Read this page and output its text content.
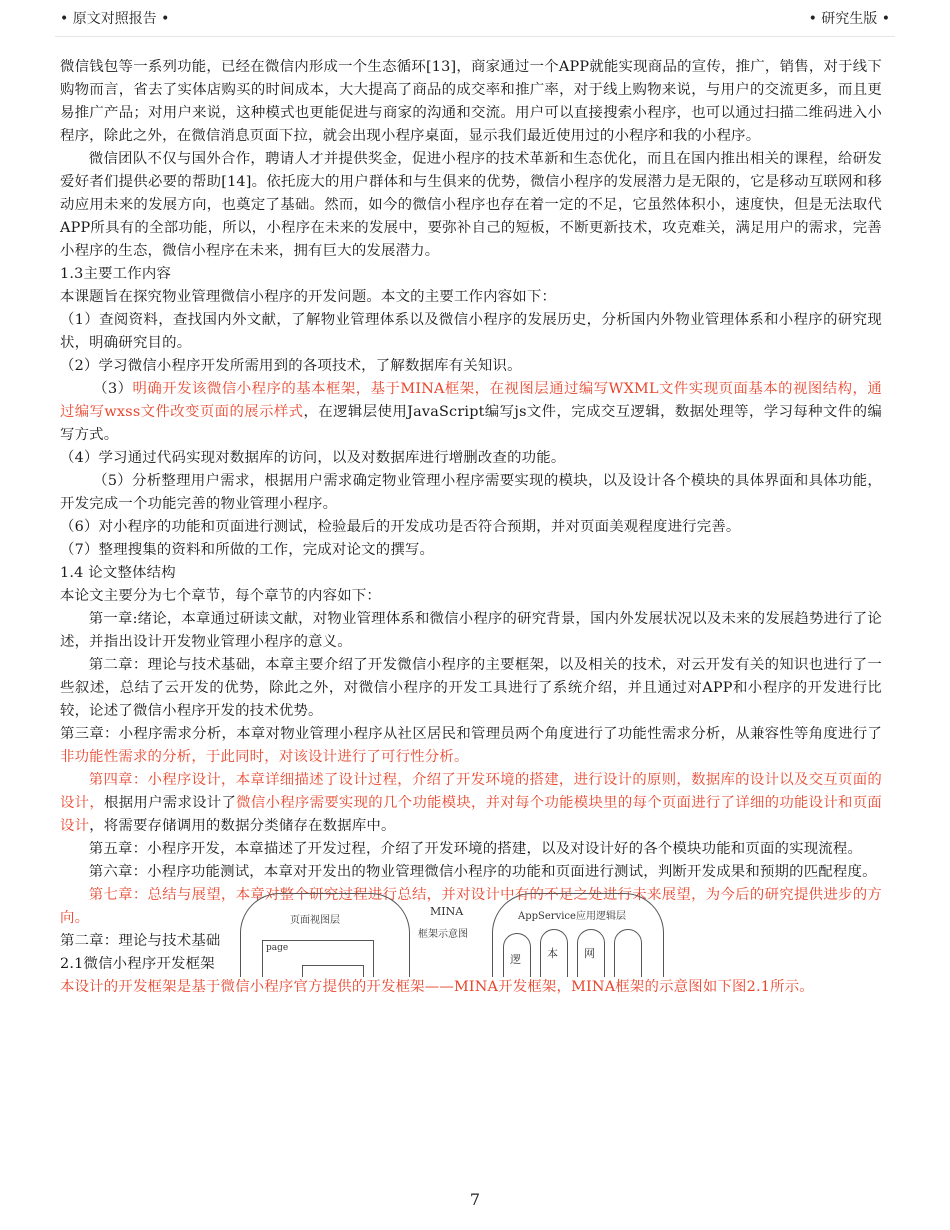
• 原文对照报告 •	• 研究生版 •

微信钱包等一系列功能，已经在微信内形成一个生态循环[13]，商家通过一个APP就能实现商品的宣传，推广，销售，对于线下购物而言，省去了实体店购买的时间成本，大大提高了商品的成交率和推广率，对于线上购物来说，与用户的交流更多，而且更易推广产品；对用户来说，这种模式也更能促进与商家的沟通和交流。用户可以直接搜索小程序，也可以通过扫描二维码进入小程序，除此之外，在微信消息页面下拉，就会出现小程序桌面，显示我们最近使用过的小程序和我的小程序。

微信团队不仅与国外合作，聘请人才并提供奖金，促进小程序的技术革新和生态优化，而且在国内推出相关的课程，给研发爱好者们提供必要的帮助[14]。依托庞大的用户群体和与生俱来的优势，微信小程序的发展潜力是无限的，它是移动互联网和移动应用未来的发展方向，也奠定了基础。然而，如今的微信小程序也存在着一定的不足，它虽然体积小，速度快，但是无法取代APP所具有的全部功能，所以，小程序在未来的发展中，要弥补自己的短板，不断更新技术，攻克难关，满足用户的需求，完善小程序的生态，微信小程序在未来，拥有巨大的发展潜力。

1.3主要工作内容

本课题旨在探究物业管理微信小程序的开发问题。本文的主要工作内容如下：

（1）查阅资料，查找国内外文献，了解物业管理体系以及微信小程序的发展历史，分析国内外物业管理体系和小程序的研究现状，明确研究目的。

（2）学习微信小程序开发所需用到的各项技术，了解数据库有关知识。

（3）明确开发该微信小程序的基本框架，基于MINA框架，在视图层通过编写WXML文件实现页面基本的视图结构，通过编写wxss文件改变页面的展示样式，在逻辑层使用JavaScript编写js文件，完成交互逻辑，数据处理等，学习每种文件的编写方式。

（4）学习通过代码实现对数据库的访问，以及对数据库进行增删改查的功能。

（5）分析整理用户需求，根据用户需求确定物业管理小程序需要实现的模块，以及设计各个模块的具体界面和具体功能，开发完成一个功能完善的物业管理小程序。

（6）对小程序的功能和页面进行测试，检验最后的开发成功是否符合预期，并对页面美观程度进行完善。

（7）整理搜集的资料和所做的工作，完成对论文的撰写。

1.4 论文整体结构

本论文主要分为七个章节，每个章节的内容如下：

第一章:绪论，本章通过研读文献，对物业管理体系和微信小程序的研究背景，国内外发展状况以及未来的发展趋势进行了论述，并指出设计开发物业管理小程序的意义。

第二章：理论与技术基础，本章主要介绍了开发微信小程序的主要框架，以及相关的技术，对云开发有关的知识也进行了一些叙述，总结了云开发的优势，除此之外，对微信小程序的开发工具进行了系统介绍，并且通过对APP和小程序的开发进行比较，论述了微信小程序开发的技术优势。

第三章：小程序需求分析，本章对物业管理小程序从社区居民和管理员两个角度进行了功能性需求分析，从兼容性等角度进行了非功能性需求的分析，于此同时，对该设计进行了可行性分析。

第四章：小程序设计，本章详细描述了设计过程，介绍了开发环境的搭建，进行设计的原则，数据库的设计以及交互页面的设计，根据用户需求设计了微信小程序需要实现的几个功能模块，并对每个功能模块里的每个页面进行了详细的功能设计和页面设计，将需要存储调用的数据分类储存在数据库中。

第五章：小程序开发，本章描述了开发过程，介绍了开发环境的搭建，以及对设计好的各个模块功能和页面的实现流程。

第六章：小程序功能测试，本章对开发出的物业管理微信小程序的功能和页面进行测试，判断开发成果和预期的匹配程度。

第七章：总结与展望，本章对整个研究过程进行总结，并对设计中有的不足之处进行未来展望，为今后的研究提供进步的方向。

第二章：理论与技术基础

2.1微信小程序开发框架

本设计的开发框架是基于微信小程序官方提供的开发框架——MINA开发框架，MINA框架的示意图如下图2.1所示。

页面视图层
page
MINA
框架示意图
AppService应用逻辑层
逻 本 网
7
